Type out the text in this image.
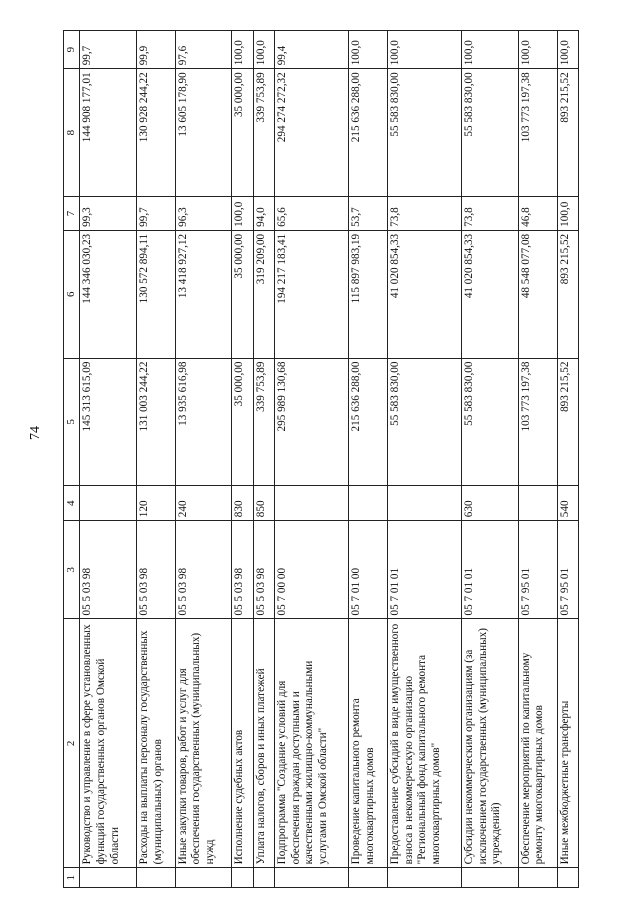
74
1	2	3	4	5	6	7	8	9
	Руководство и управление в сфере установленных функций государственных органов Омской области	05 5 03 98		145 313 615,09	144 346 030,23	99,3	144 908 177,01	99,7
	Расходы на выплаты персоналу государственных (муниципальных) органов	05 5 03 98	120	131 003 244,22	130 572 894,11	99,7	130 928 244,22	99,9
	Иные закупки товаров, работ и услуг для обеспечения государственных (муниципальных) нужд	05 5 03 98	240	13 935 616,98	13 418 927,12	96,3	13 605 178,90	97,6
	Исполнение судебных актов	05 5 03 98	830	35 000,00	35 000,00	100,0	35 000,00	100,0
	Уплата налогов, сборов и иных платежей	05 5 03 98	850	339 753,89	319 209,00	94,0	339 753,89	100,0
	Подпрограмма "Создание условий для обеспечения граждан доступными и качественными жилищно-коммунальными услугами в Омской области"	05 7 00 00		295 989 130,68	194 217 183,41	65,6	294 274 272,32	99,4
	Проведение капитального ремонта многоквартирных домов	05 7 01 00		215 636 288,00	115 897 983,19	53,7	215 636 288,00	100,0
	Предоставление субсидий в виде имущественного взноса в некоммерческую организацию "Региональный фонд капитального ремонта многоквартирных домов"	05 7 01 01		55 583 830,00	41 020 854,33	73,8	55 583 830,00	100,0
	Субсидии некоммерческим организациям (за исключением государственных (муниципальных) учреждений)	05 7 01 01	630	55 583 830,00	41 020 854,33	73,8	55 583 830,00	100,0
	Обеспечение мероприятий по капитальному ремонту многоквартирных домов	05 7 95 01		103 773 197,38	48 548 077,08	46,8	103 773 197,38	100,0
	Иные межбюджетные трансферты	05 7 95 01	540	893 215,52	893 215,52	100,0	893 215,52	100,0
